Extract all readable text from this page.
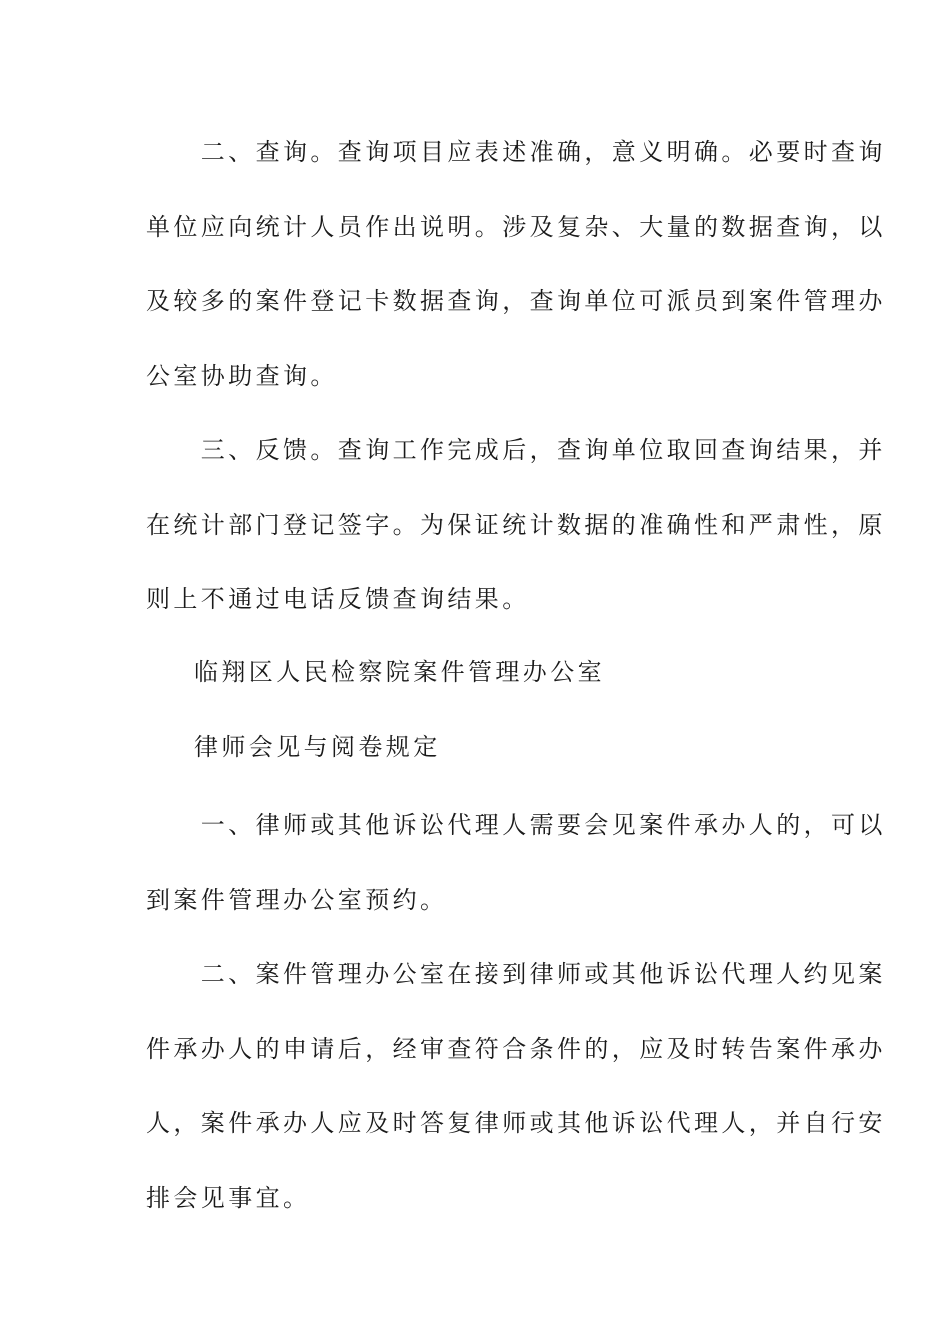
　　二、查询。查询项目应表述准确，意义明确。必要时查询
单位应向统计人员作出说明。涉及复杂、大量的数据查询，以
及较多的案件登记卡数据查询，查询单位可派员到案件管理办
公室协助查询。
　　三、反馈。查询工作完成后，查询单位取回查询结果，并
在统计部门登记签字。为保证统计数据的准确性和严肃性，原
则上不通过电话反馈查询结果。
临翔区人民检察院案件管理办公室
律师会见与阅卷规定
　　一、律师或其他诉讼代理人需要会见案件承办人的，可以
到案件管理办公室预约。
　　二、案件管理办公室在接到律师或其他诉讼代理人约见案
件承办人的申请后，经审查符合条件的，应及时转告案件承办
人，案件承办人应及时答复律师或其他诉讼代理人，并自行安
排会见事宜。
